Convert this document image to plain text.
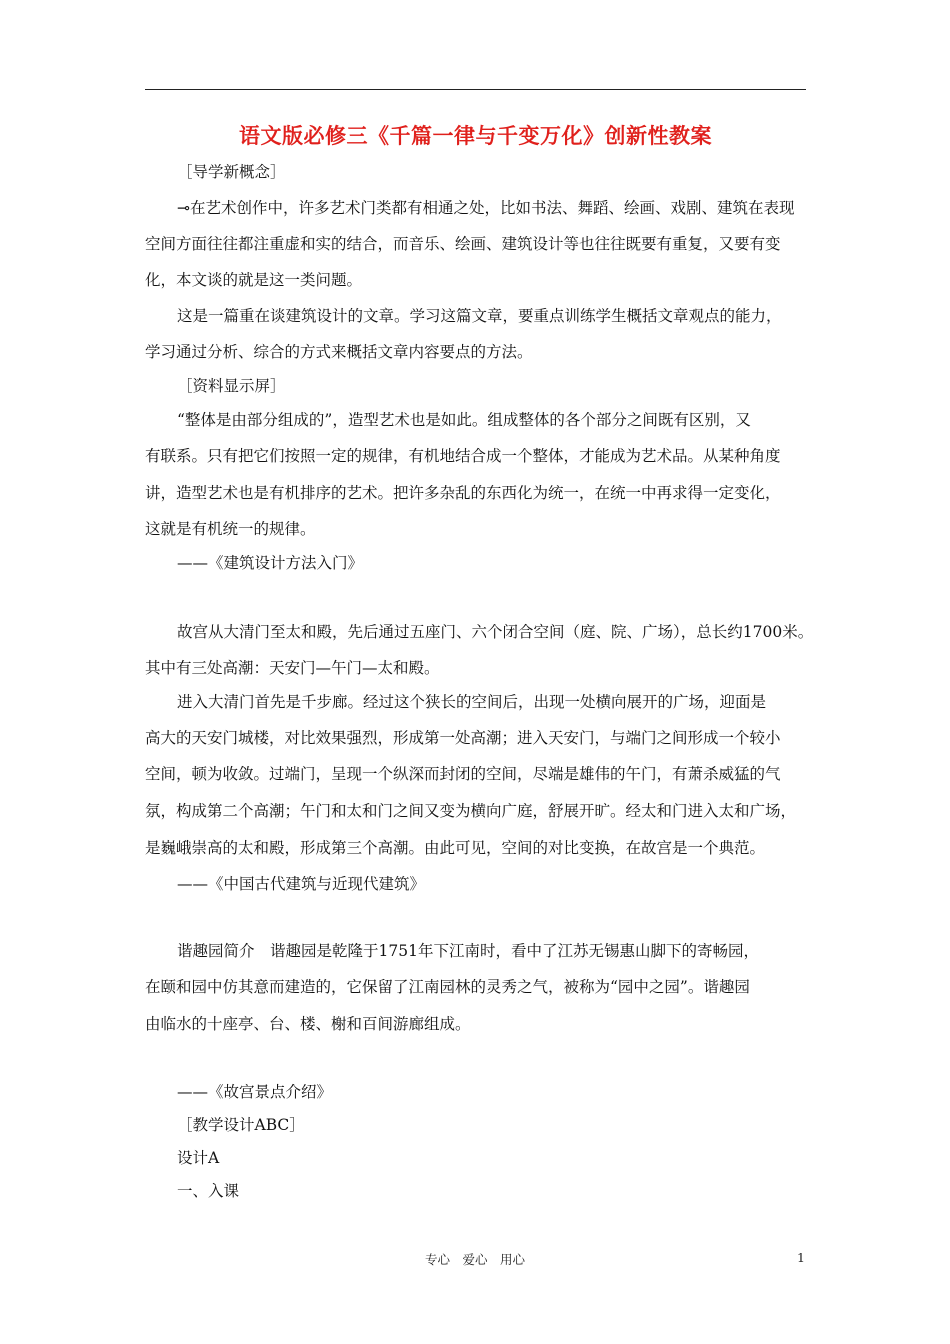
语文版必修三《千篇一律与千变万化》创新性教案
［导学新概念］
⊸在艺术创作中，许多艺术门类都有相通之处，比如书法、舞蹈、绘画、戏剧、建筑在表现
空间方面往往都注重虚和实的结合，而音乐、绘画、建筑设计等也往往既要有重复，又要有变
化，本文谈的就是这一类问题。
这是一篇重在谈建筑设计的文章。学习这篇文章，要重点训练学生概括文章观点的能力，
学习通过分析、综合的方式来概括文章内容要点的方法。
［资料显示屏］
“整体是由部分组成的”，造型艺术也是如此。组成整体的各个部分之间既有区别，又
有联系。只有把它们按照一定的规律，有机地结合成一个整体，才能成为艺术品。从某种角度
讲，造型艺术也是有机排序的艺术。把许多杂乱的东西化为统一，在统一中再求得一定变化，
这就是有机统一的规律。
——《建筑设计方法入门》
故宫从大清门至太和殿，先后通过五座门、六个闭合空间（庭、院、广场），总长约1700米。
其中有三处高潮：天安门—午门—太和殿。
进入大清门首先是千步廊。经过这个狭长的空间后，出现一处横向展开的广场，迎面是
高大的天安门城楼，对比效果强烈，形成第一处高潮；进入天安门，与端门之间形成一个较小
空间，顿为收敛。过端门，呈现一个纵深而封闭的空间，尽端是雄伟的午门，有萧杀威猛的气
氛，构成第二个高潮；午门和太和门之间又变为横向广庭，舒展开旷。经太和门进入太和广场，
是巍峨崇高的太和殿，形成第三个高潮。由此可见，空间的对比变换，在故宫是一个典范。
——《中国古代建筑与近现代建筑》
谐趣园简介　谐趣园是乾隆于1751年下江南时，看中了江苏无锡惠山脚下的寄畅园，
在颐和园中仿其意而建造的，它保留了江南园林的灵秀之气，被称为“园中之园”。谐趣园
由临水的十座亭、台、楼、榭和百间游廊组成。
——《故宫景点介绍》
［教学设计ABC］
设计A
一、入课
专心　爱心　用心	1
